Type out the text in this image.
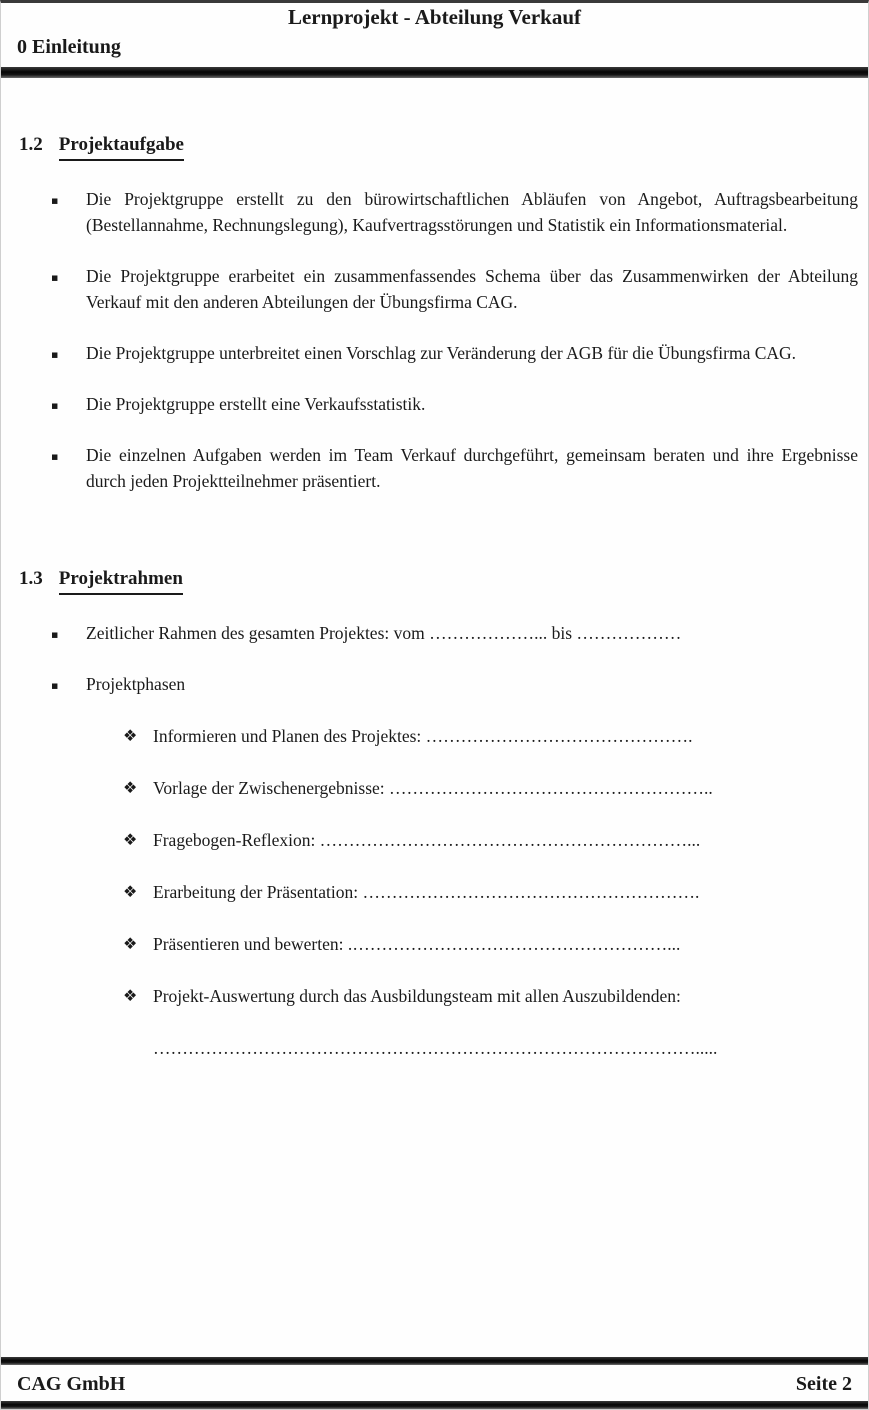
Lernprojekt - Abteilung Verkauf
0 Einleitung
1.2 Projektaufgabe
▪ Die Projektgruppe erstellt zu den bürowirtschaftlichen Abläufen von Angebot, Auftragsbearbeitung (Bestellannahme, Rechnungslegung), Kaufvertragsstörungen und Statistik ein Informationsmaterial.
▪ Die Projektgruppe erarbeitet ein zusammenfassendes Schema über das Zusammenwirken der Abteilung Verkauf mit den anderen Abteilungen der Übungsfirma CAG.
▪ Die Projektgruppe unterbreitet einen Vorschlag zur Veränderung der AGB für die Übungsfirma CAG.
▪ Die Projektgruppe erstellt eine Verkaufsstatistik.
▪ Die einzelnen Aufgaben werden im Team Verkauf durchgeführt, gemeinsam beraten und ihre Ergebnisse durch jeden Projektteilnehmer präsentiert.
1.3 Projektrahmen
▪ Zeitlicher Rahmen des gesamten Projektes: vom ………………... bis ………………
▪ Projektphasen
❖ Informieren und Planen des Projektes: ……………………………………….
❖ Vorlage der Zwischenergebnisse: ………………………………………………..
❖ Fragebogen-Reflexion: ………………………………………………………...
❖ Erarbeitung der Präsentation: ………………………………………………….
❖ Präsentieren und bewerten: .………………………………………………...
❖ Projekt-Auswertung durch das Ausbildungsteam mit allen Auszubildenden:
………………………………………………………………………………….....
CAG GmbH	Seite 2
